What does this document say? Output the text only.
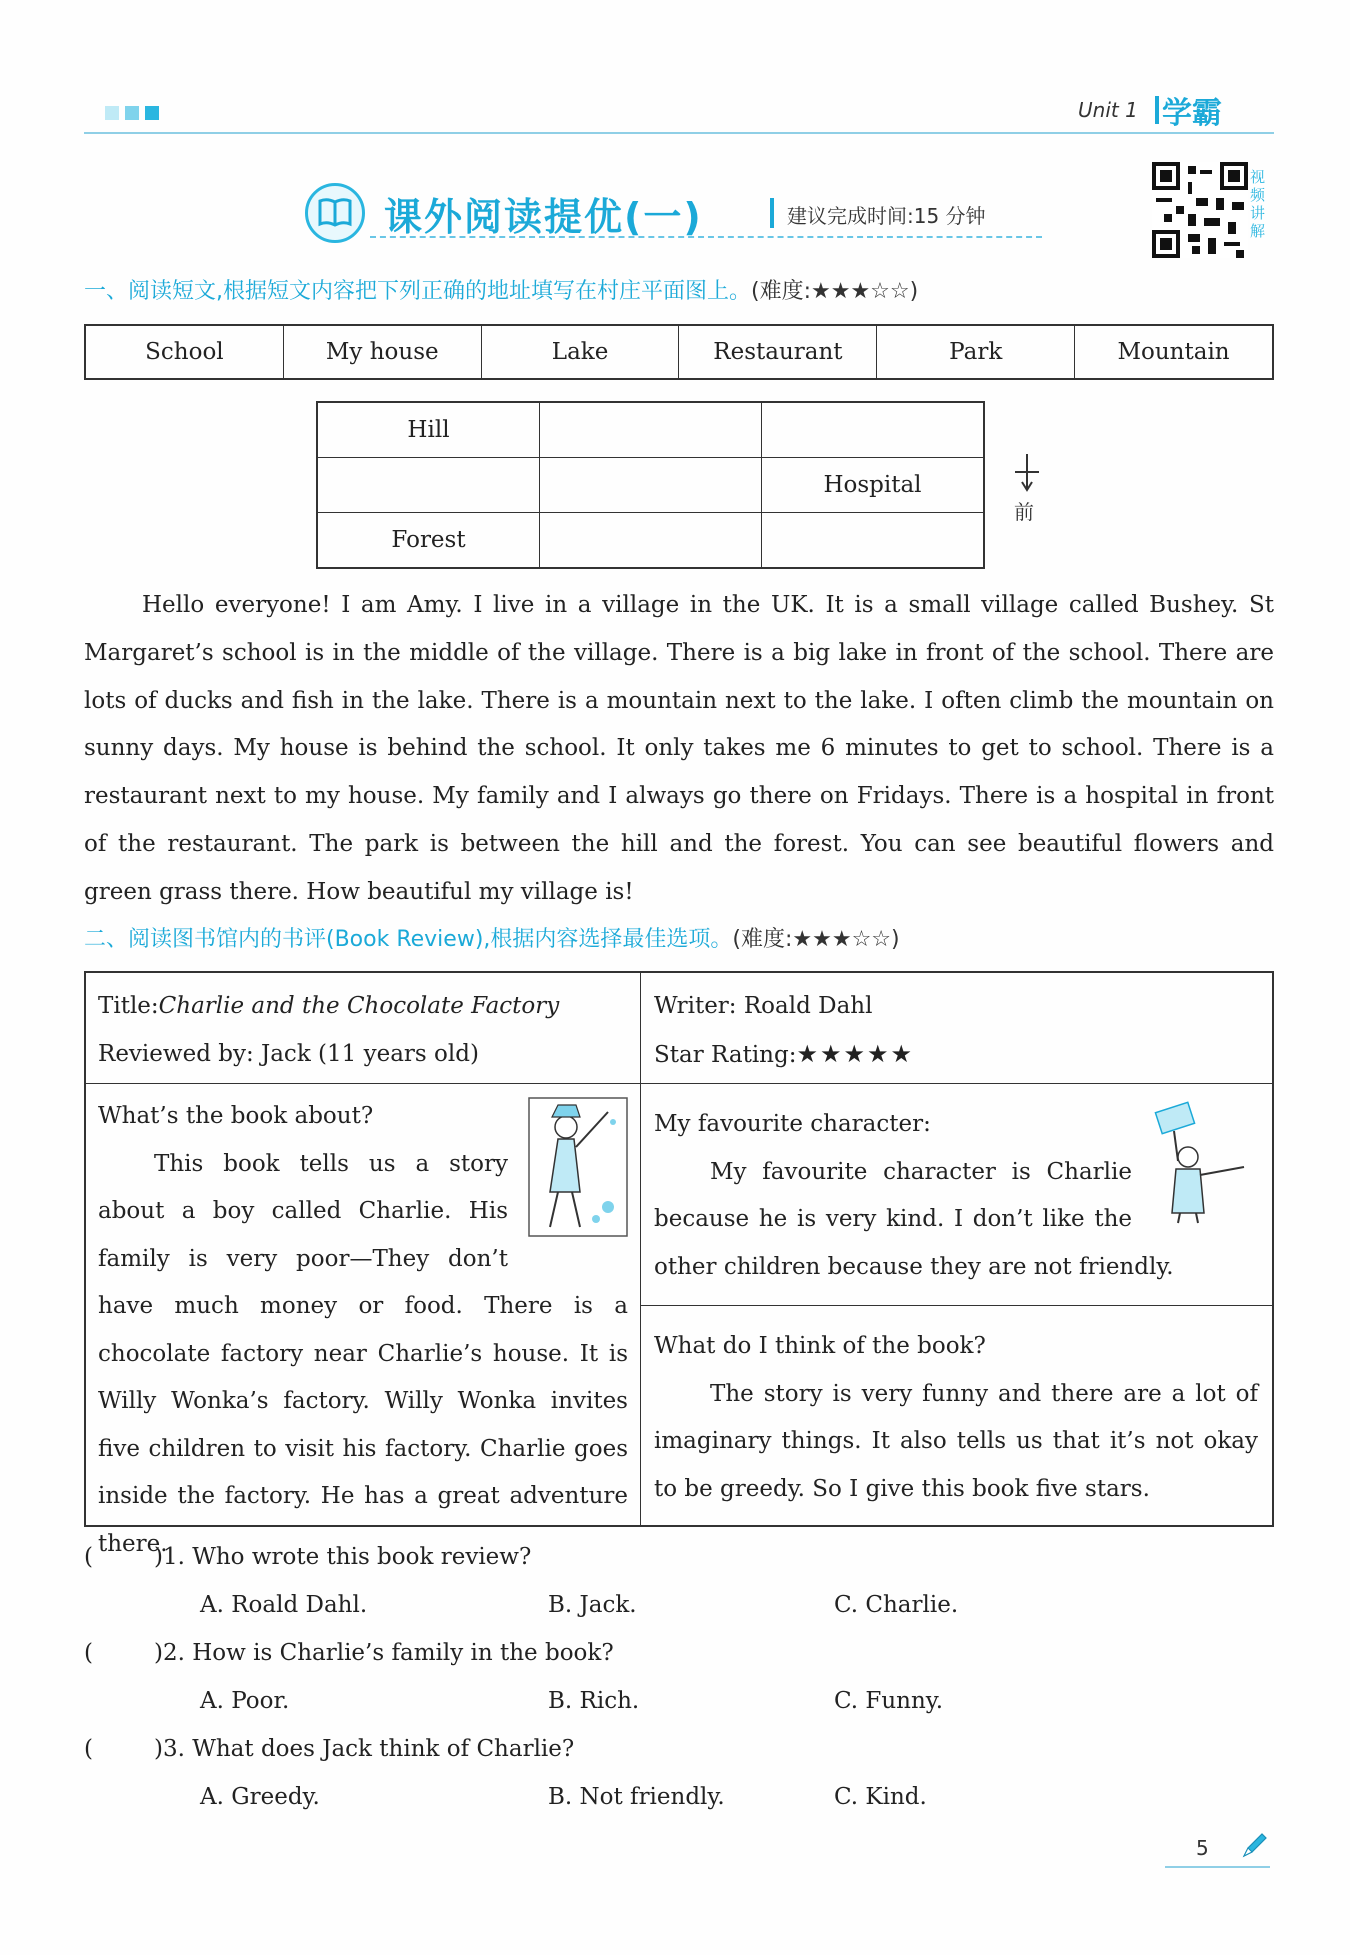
Unit 1 学霸
课外阅读提优(一)	建议完成时间:15 分钟
视频讲解
一、阅读短文,根据短文内容把下列正确的地址填写在村庄平面图上。(难度:★★★☆☆)
School	My house	Lake	Restaurant	Park	Mountain
Hill		
		Hospital
Forest		
前

Hello everyone! I am Amy. I live in a village in the UK. It is a small village called Bushey. St Margaret’s school is in the middle of the village. There is a big lake in front of the school. There are lots of ducks and fish in the lake. There is a mountain next to the lake. I often climb the mountain on sunny days. My house is behind the school. It only takes me 6 minutes to get to school. There is a restaurant next to my house. My family and I always go there on Fridays. There is a hospital in front of the restaurant. The park is between the hill and the forest. You can see beautiful flowers and green grass there. How beautiful my village is!

二、阅读图书馆内的书评(Book Review),根据内容选择最佳选项。(难度:★★★☆☆)
Title:Charlie and the Chocolate Factory
Reviewed by: Jack (11 years old)
Writer: Roald Dahl
Star Rating:★★★★★
What’s the book about?
This book tells us a story about a boy called Charlie. His family is very poor—They don’t have much money or food. There is a chocolate factory near Charlie’s house. It is Willy Wonka’s factory. Willy Wonka invites five children to visit his factory. Charlie goes inside the factory. He has a great adventure there.
My favourite character:
My favourite character is Charlie because he is very kind. I don’t like the other children because they are not friendly.
What do I think of the book?
The story is very funny and there are a lot of imaginary things. It also tells us that it’s not okay to be greedy. So I give this book five stars.
(	)1. Who wrote this book review?
A. Roald Dahl.	B. Jack.	C. Charlie.
(	)2. How is Charlie’s family in the book?
A. Poor.	B. Rich.	C. Funny.
(	)3. What does Jack think of Charlie?
A. Greedy.	B. Not friendly.	C. Kind.
5
